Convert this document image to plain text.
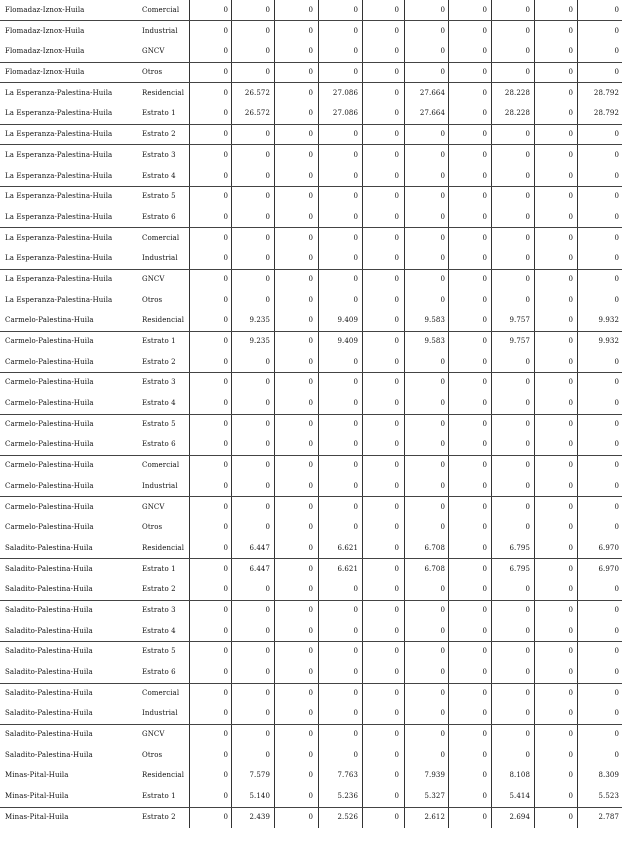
Flomadaz-Iznox-Huila	Comercial	0	0	0	0	0	0	0	0	0	0
Flomadaz-Iznox-Huila	Industrial	0	0	0	0	0	0	0	0	0	0
Flomadaz-Iznox-Huila	GNCV	0	0	0	0	0	0	0	0	0	0
Flomadaz-Iznox-Huila	Otros	0	0	0	0	0	0	0	0	0	0
La Esperanza-Palestina-Huila	Residencial	0	26.572	0	27.086	0	27.664	0	28.228	0	28.792
La Esperanza-Palestina-Huila	Estrato 1	0	26.572	0	27.086	0	27.664	0	28.228	0	28.792
La Esperanza-Palestina-Huila	Estrato 2	0	0	0	0	0	0	0	0	0	0
La Esperanza-Palestina-Huila	Estrato 3	0	0	0	0	0	0	0	0	0	0
La Esperanza-Palestina-Huila	Estrato 4	0	0	0	0	0	0	0	0	0	0
La Esperanza-Palestina-Huila	Estrato 5	0	0	0	0	0	0	0	0	0	0
La Esperanza-Palestina-Huila	Estrato 6	0	0	0	0	0	0	0	0	0	0
La Esperanza-Palestina-Huila	Comercial	0	0	0	0	0	0	0	0	0	0
La Esperanza-Palestina-Huila	Industrial	0	0	0	0	0	0	0	0	0	0
La Esperanza-Palestina-Huila	GNCV	0	0	0	0	0	0	0	0	0	0
La Esperanza-Palestina-Huila	Otros	0	0	0	0	0	0	0	0	0	0
Carmelo-Palestina-Huila	Residencial	0	9.235	0	9.409	0	9.583	0	9.757	0	9.932
Carmelo-Palestina-Huila	Estrato 1	0	9.235	0	9.409	0	9.583	0	9.757	0	9.932
Carmelo-Palestina-Huila	Estrato 2	0	0	0	0	0	0	0	0	0	0
Carmelo-Palestina-Huila	Estrato 3	0	0	0	0	0	0	0	0	0	0
Carmelo-Palestina-Huila	Estrato 4	0	0	0	0	0	0	0	0	0	0
Carmelo-Palestina-Huila	Estrato 5	0	0	0	0	0	0	0	0	0	0
Carmelo-Palestina-Huila	Estrato 6	0	0	0	0	0	0	0	0	0	0
Carmelo-Palestina-Huila	Comercial	0	0	0	0	0	0	0	0	0	0
Carmelo-Palestina-Huila	Industrial	0	0	0	0	0	0	0	0	0	0
Carmelo-Palestina-Huila	GNCV	0	0	0	0	0	0	0	0	0	0
Carmelo-Palestina-Huila	Otros	0	0	0	0	0	0	0	0	0	0
Saladito-Palestina-Huila	Residencial	0	6.447	0	6.621	0	6.708	0	6.795	0	6.970
Saladito-Palestina-Huila	Estrato 1	0	6.447	0	6.621	0	6.708	0	6.795	0	6.970
Saladito-Palestina-Huila	Estrato 2	0	0	0	0	0	0	0	0	0	0
Saladito-Palestina-Huila	Estrato 3	0	0	0	0	0	0	0	0	0	0
Saladito-Palestina-Huila	Estrato 4	0	0	0	0	0	0	0	0	0	0
Saladito-Palestina-Huila	Estrato 5	0	0	0	0	0	0	0	0	0	0
Saladito-Palestina-Huila	Estrato 6	0	0	0	0	0	0	0	0	0	0
Saladito-Palestina-Huila	Comercial	0	0	0	0	0	0	0	0	0	0
Saladito-Palestina-Huila	Industrial	0	0	0	0	0	0	0	0	0	0
Saladito-Palestina-Huila	GNCV	0	0	0	0	0	0	0	0	0	0
Saladito-Palestina-Huila	Otros	0	0	0	0	0	0	0	0	0	0
Minas-Pital-Huila	Residencial	0	7.579	0	7.763	0	7.939	0	8.108	0	8.309
Minas-Pital-Huila	Estrato 1	0	5.140	0	5.236	0	5.327	0	5.414	0	5.523
Minas-Pital-Huila	Estrato 2	0	2.439	0	2.526	0	2.612	0	2.694	0	2.787
